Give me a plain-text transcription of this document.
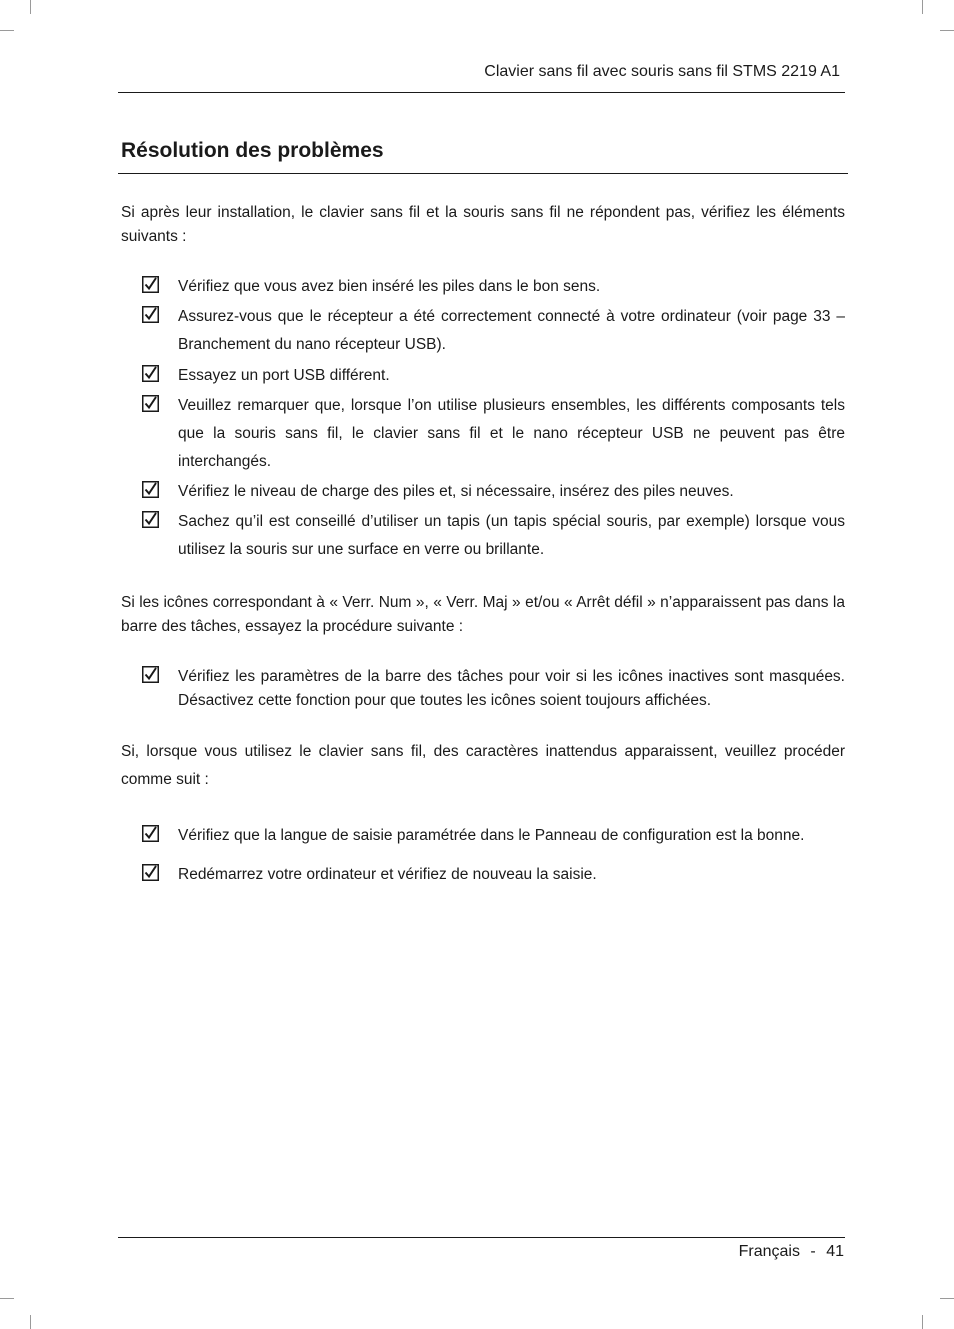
Clavier sans fil avec souris sans fil STMS 2219 A1
Résolution des problèmes
Si après leur installation, le clavier sans fil et la souris sans fil ne répondent pas, vérifiez les éléments suivants :
Vérifiez que vous avez bien inséré les piles dans le bon sens.
Assurez-vous que le récepteur a été correctement connecté à votre ordinateur (voir page 33 – Branchement du nano récepteur USB).
Essayez un port USB différent.
Veuillez remarquer que, lorsque l’on utilise plusieurs ensembles, les différents composants tels que la souris sans fil, le clavier sans fil et le nano récepteur USB ne peuvent pas être interchangés.
Vérifiez le niveau de charge des piles et, si nécessaire, insérez des piles neuves.
Sachez qu’il est conseillé d’utiliser un tapis (un tapis spécial souris, par exemple) lorsque vous utilisez la souris sur une surface en verre ou brillante.
Si les icônes correspondant à « Verr. Num », « Verr. Maj » et/ou « Arrêt défil » n’apparaissent pas dans la barre des tâches, essayez la procédure suivante :
Vérifiez les paramètres de la barre des tâches pour voir si les icônes inactives sont masquées. Désactivez cette fonction pour que toutes les icônes soient toujours affichées.
Si, lorsque vous utilisez le clavier sans fil, des caractères inattendus apparaissent, veuillez procéder comme suit :
Vérifiez que la langue de saisie paramétrée dans le Panneau de configuration est la bonne.
Redémarrez votre ordinateur et vérifiez de nouveau la saisie.
Français - 41
